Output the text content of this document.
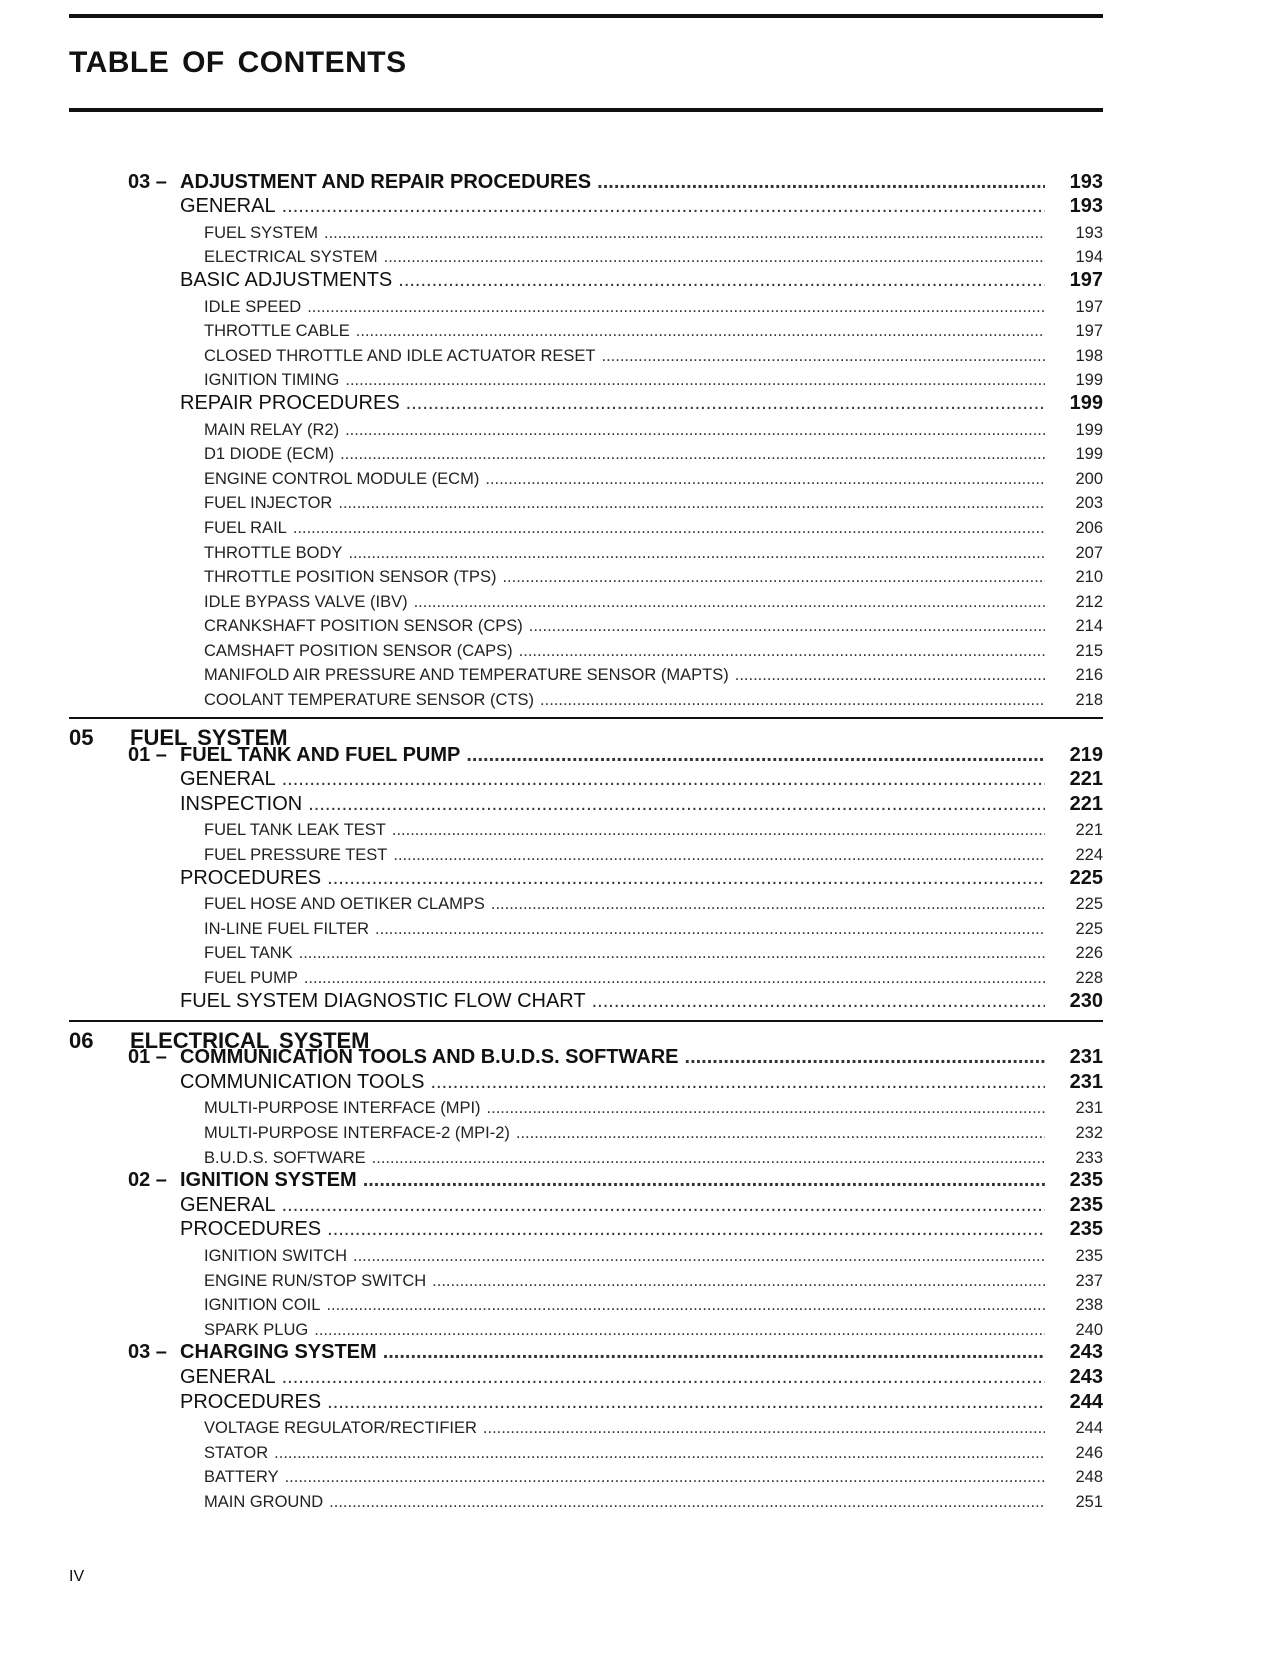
TABLE OF CONTENTS
03 – ADJUSTMENT AND REPAIR PROCEDURES .....	193
GENERAL .....	193
FUEL SYSTEM .....	193
ELECTRICAL SYSTEM .....	194
BASIC ADJUSTMENTS .....	197
IDLE SPEED .....	197
THROTTLE CABLE .....	197
CLOSED THROTTLE AND IDLE ACTUATOR RESET .....	198
IGNITION TIMING .....	199
REPAIR PROCEDURES .....	199
MAIN RELAY (R2) .....	199
D1 DIODE (ECM) .....	199
ENGINE CONTROL MODULE (ECM) .....	200
FUEL INJECTOR .....	203
FUEL RAIL .....	206
THROTTLE BODY .....	207
THROTTLE POSITION SENSOR (TPS) .....	210
IDLE BYPASS VALVE (IBV) .....	212
CRANKSHAFT POSITION SENSOR (CPS) .....	214
CAMSHAFT POSITION SENSOR (CAPS) .....	215
MANIFOLD AIR PRESSURE AND TEMPERATURE SENSOR (MAPTS) .....	216
COOLANT TEMPERATURE SENSOR (CTS) .....	218
05 FUEL SYSTEM
01 – FUEL TANK AND FUEL PUMP .....	219
GENERAL .....	221
INSPECTION .....	221
FUEL TANK LEAK TEST .....	221
FUEL PRESSURE TEST .....	224
PROCEDURES .....	225
FUEL HOSE AND OETIKER CLAMPS .....	225
IN-LINE FUEL FILTER .....	225
FUEL TANK .....	226
FUEL PUMP .....	228
FUEL SYSTEM DIAGNOSTIC FLOW CHART .....	230
06 ELECTRICAL SYSTEM
01 – COMMUNICATION TOOLS AND B.U.D.S. SOFTWARE .....	231
COMMUNICATION TOOLS .....	231
MULTI-PURPOSE INTERFACE (MPI) .....	231
MULTI-PURPOSE INTERFACE-2 (MPI-2) .....	232
B.U.D.S. SOFTWARE .....	233
02 – IGNITION SYSTEM .....	235
GENERAL .....	235
PROCEDURES .....	235
IGNITION SWITCH .....	235
ENGINE RUN/STOP SWITCH .....	237
IGNITION COIL .....	238
SPARK PLUG .....	240
03 – CHARGING SYSTEM .....	243
GENERAL .....	243
PROCEDURES .....	244
VOLTAGE REGULATOR/RECTIFIER .....	244
STATOR .....	246
BATTERY .....	248
MAIN GROUND .....	251
IV
